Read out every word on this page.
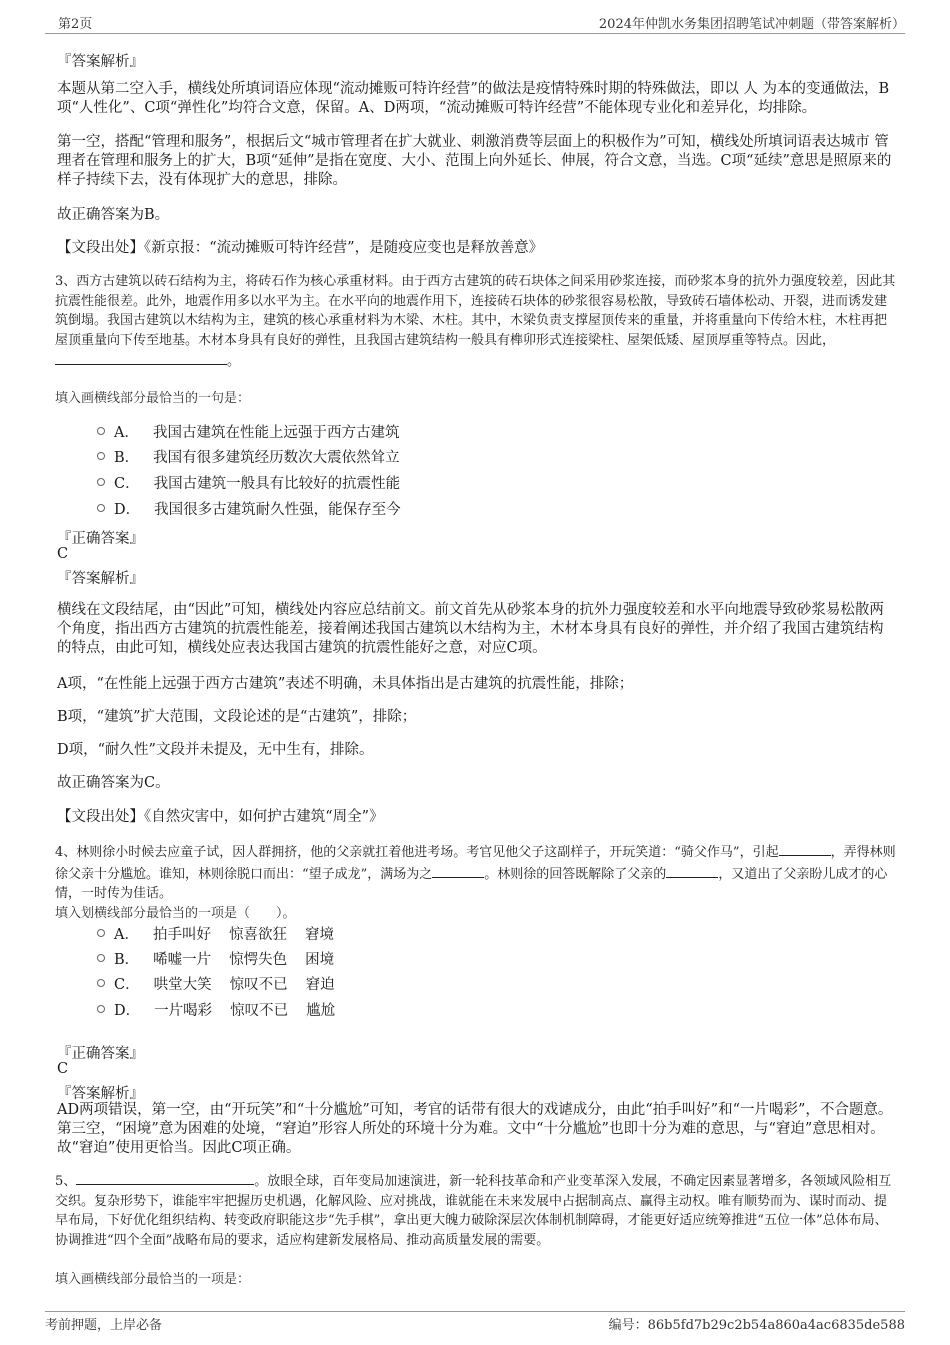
第2页	2024年仲凯水务集团招聘笔试冲刺题（带答案解析）
『答案解析』

本题从第二空入手，横线处所填词语应体现“流动摊贩可特许经营”的做法是疫情特殊时期的特殊做法，即以 人 为本的变通做法，B项“人性化”、C项“弹性化”均符合文意，保留。A、D两项，“流动摊贩可特许经营”不能体现专业化和差异化，均排除。

第一空，搭配“管理和服务”，根据后文“城市管理者在扩大就业、刺激消费等层面上的积极作为”可知，横线处所填词语表达城市 管理者在管理和服务上的扩大，B项“延伸”是指在宽度、大小、范围上向外延长、伸展，符合文意，当选。C项“延续”意思是照原来的样子持续下去，没有体现扩大的意思，排除。

故正确答案为B。
【文段出处】《新京报：“流动摊贩可特许经营”，是随疫应变也是释放善意》

3、西方古建筑以砖石结构为主，将砖石作为核心承重材料。由于西方古建筑的砖石块体之间采用砂浆连接，而砂浆本身的抗外力强度较差，因此其抗震性能很差。此外，地震作用多以水平为主。在水平向的地震作用下，连接砖石块体的砂浆很容易松散，导致砖石墙体松动、开裂，进而诱发建筑倒塌。我国古建筑以木结构为主，建筑的核心承重材料为木梁、木柱。其中，木梁负责支撑屋顶传来的重量，并将重量向下传给木柱，木柱再把屋顶重量向下传至地基。木材本身具有良好的弹性，且我国古建筑结构一般具有榫卯形式连接梁柱、屋架低矮、屋顶厚重等特点。因此，。

填入画横线部分最恰当的一句是：
A． 我国古建筑在性能上远强于西方古建筑
B． 我国有很多建筑经历数次大震依然耸立
C． 我国古建筑一般具有比较好的抗震性能
D． 我国很多古建筑耐久性强，能保存至今
『正确答案』
C
『答案解析』

横线在文段结尾，由“因此”可知，横线处内容应总结前文。前文首先从砂浆本身的抗外力强度较差和水平向地震导致砂浆易松散两个角度，指出西方古建筑的抗震性能差，接着阐述我国古建筑以木结构为主，木材本身具有良好的弹性，并介绍了我国古建筑结构的特点，由此可知，横线处应表达我国古建筑的抗震性能好之意，对应C项。

A项，“在性能上远强于西方古建筑”表述不明确，未具体指出是古建筑的抗震性能，排除；
B项，“建筑”扩大范围，文段论述的是“古建筑”，排除；
D项，“耐久性”文段并未提及，无中生有，排除。
故正确答案为C。
【文段出处】《自然灾害中，如何护古建筑“周全”》

4、林则徐小时候去应童子试，因人群拥挤，他的父亲就扛着他进考场。考官见他父子这副样子，开玩笑道：“骑父作马”，引起	，弄得林则徐父亲十分尴尬。谁知，林则徐脱口而出：“望子成龙”，满场为之	。林则徐的回答既解除了父亲的	，又道出了父亲盼儿成才的心情，一时传为佳话。

填入划横线部分最恰当的一项是（　　）。
A． 拍手叫好	惊喜欲狂	窘境
B． 唏嘘一片	惊愕失色	困境
C． 哄堂大笑	惊叹不已	窘迫
D． 一片喝彩	惊叹不已	尴尬
『正确答案』
C
『答案解析』

AD两项错误，第一空，由“开玩笑”和“十分尴尬”可知，考官的话带有很大的戏谑成分，由此“拍手叫好”和“一片喝彩”，不合题意。第三空，“困境”意为困难的处境，“窘迫”形容人所处的环境十分为难。文中“十分尴尬”也即十分为难的意思，与“窘迫”意思相对。故“窘迫”使用更恰当。因此C项正确。

5、	。放眼全球，百年变局加速演进，新一轮科技革命和产业变革深入发展，不确定因素显著增多，各领域风险相互交织。复杂形势下，谁能牢牢把握历史机遇，化解风险、应对挑战，谁就能在未来发展中占据制高点、赢得主动权。唯有顺势而为、谋时而动、提早布局，下好优化组织结构、转变政府职能这步“先手棋”，拿出更大魄力破除深层次体制机制障碍，才能更好适应统筹推进“五位一体”总体布局、协调推进“四个全面”战略布局的要求，适应构建新发展格局、推动高质量发展的需要。

填入画横线部分最恰当的一项是：
考前押题，上岸必备	编号：86b5fd7b29c2b54a860a4ac6835de588
